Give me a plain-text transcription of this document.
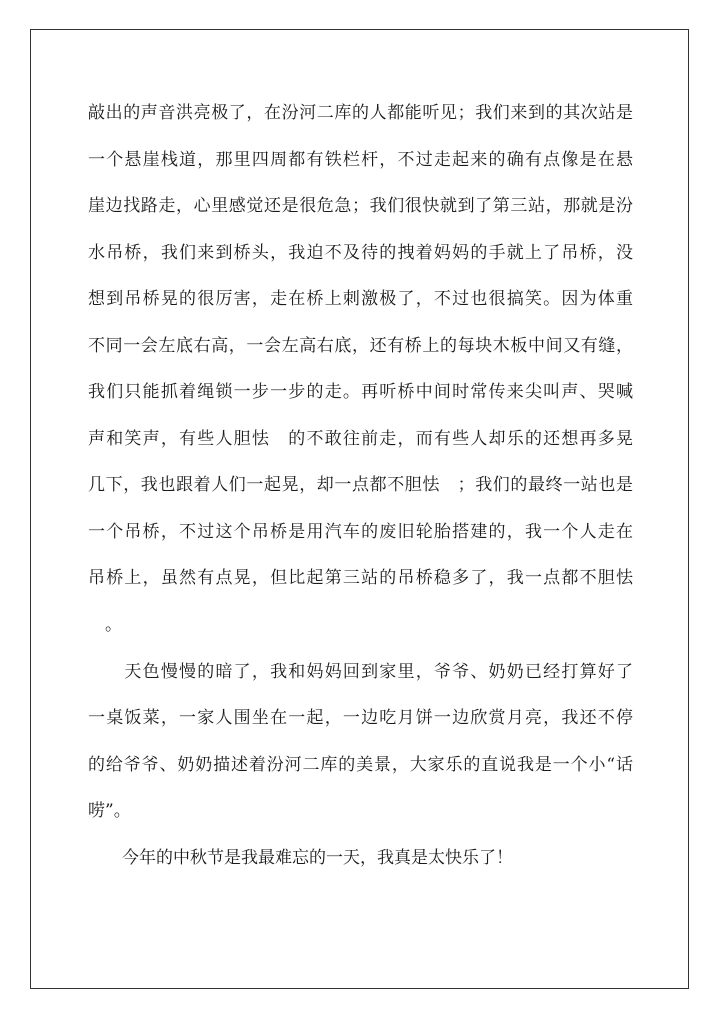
敲出的声音洪亮极了，在汾河二库的人都能听见；我们来到的其次站是
一个悬崖栈道，那里四周都有铁栏杆，不过走起来的确有点像是在悬
崖边找路走，心里感觉还是很危急；我们很快就到了第三站，那就是汾
水吊桥，我们来到桥头，我迫不及待的拽着妈妈的手就上了吊桥，没
想到吊桥晃的很厉害，走在桥上刺激极了，不过也很搞笑。因为体重
不同一会左底右高，一会左高右底，还有桥上的每块木板中间又有缝，
我们只能抓着绳锁一步一步的走。再听桥中间时常传来尖叫声、哭喊
声和笑声，有些人胆怯　的不敢往前走，而有些人却乐的还想再多晃
几下，我也跟着人们一起晃，却一点都不胆怯　；我们的最终一站也是
一个吊桥，不过这个吊桥是用汽车的废旧轮胎搭建的，我一个人走在
吊桥上，虽然有点晃，但比起第三站的吊桥稳多了，我一点都不胆怯
　。
　　天色慢慢的暗了，我和妈妈回到家里，爷爷、奶奶已经打算好了
一桌饭菜，一家人围坐在一起，一边吃月饼一边欣赏月亮，我还不停
的给爷爷、奶奶描述着汾河二库的美景，大家乐的直说我是一个小“话
唠”。
　　今年的中秋节是我最难忘的一天，我真是太快乐了！
